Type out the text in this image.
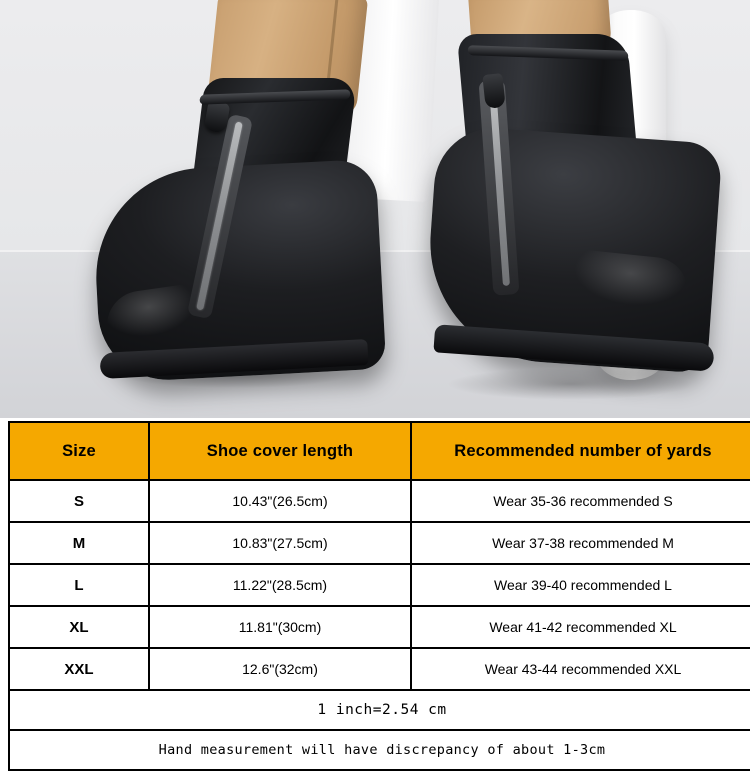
Size	Shoe cover length	Recommended number of yards
S	10.43"(26.5cm)	Wear 35-36 recommended S
M	10.83"(27.5cm)	Wear 37-38 recommended M
L	11.22"(28.5cm)	Wear 39-40 recommended L
XL	11.81"(30cm)	Wear 41-42 recommended XL
XXL	12.6"(32cm)	Wear 43-44 recommended XXL
1 inch=2.54 cm		
Hand measurement will have discrepancy of about 1-3cm		
